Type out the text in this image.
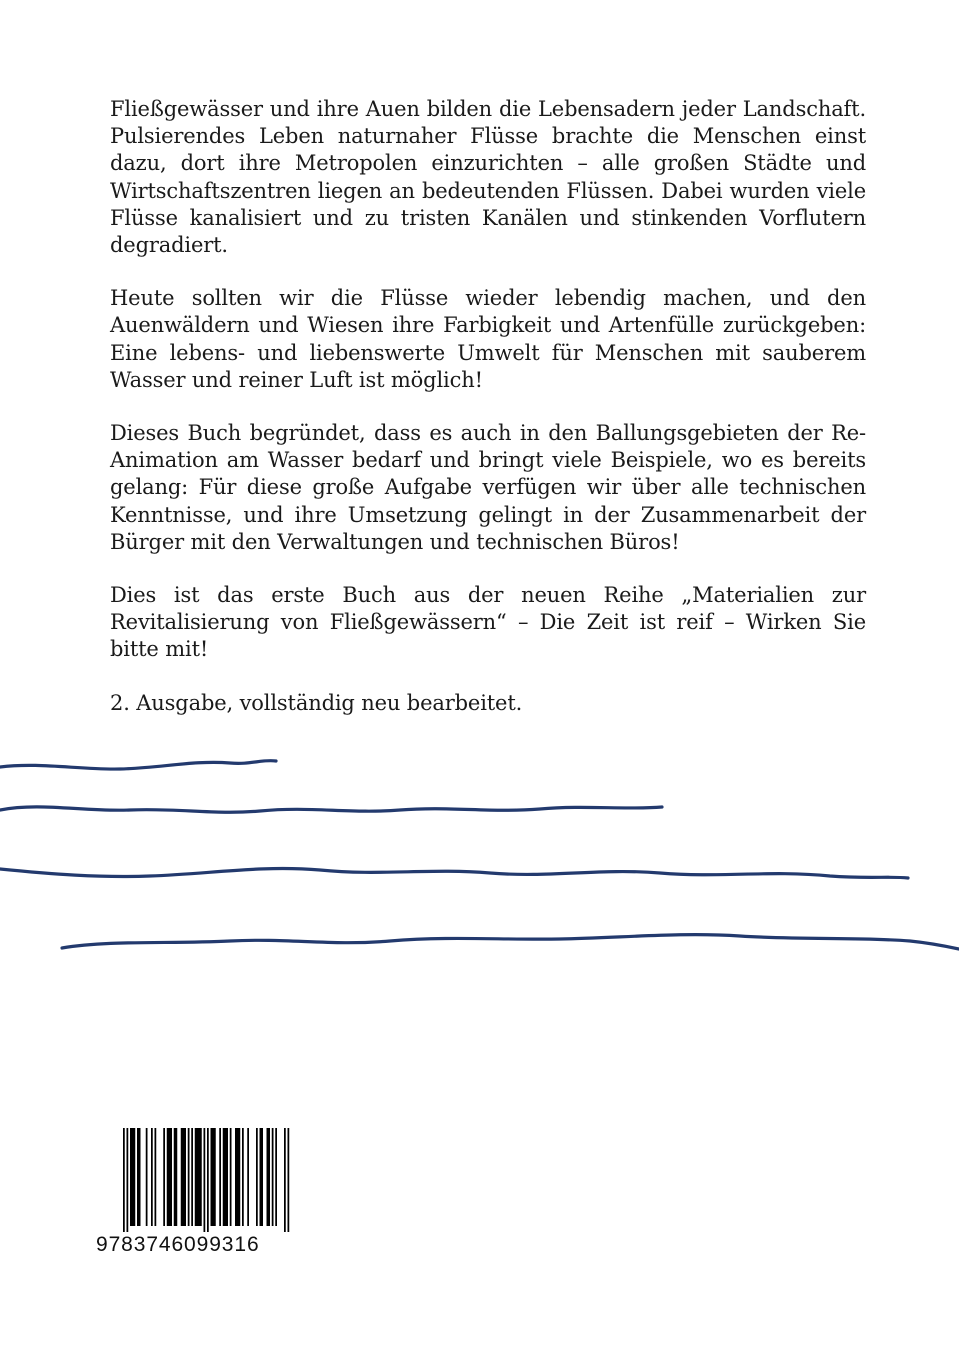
Fließgewässer und ihre Auen bilden die Lebensadern jeder Landschaft. Pulsierendes Leben naturnaher Flüsse brachte die Menschen einst dazu, dort ihre Metropolen einzurichten – alle großen Städte und Wirtschaftszentren liegen an bedeutenden Flüssen. Dabei wurden viele Flüsse kanalisiert und zu tristen Kanälen und stinkenden Vorflutern degradiert.

Heute sollten wir die Flüsse wieder lebendig machen, und den Auenwäldern und Wiesen ihre Farbigkeit und Artenfülle zurückgeben: Eine lebens- und liebenswerte Umwelt für Menschen mit sauberem Wasser und reiner Luft ist möglich!

Dieses Buch begründet, dass es auch in den Ballungsgebieten der Re-Animation am Wasser bedarf und bringt viele Beispiele, wo es bereits gelang: Für diese große Aufgabe verfügen wir über alle technischen Kenntnisse, und ihre Umsetzung gelingt in der Zusammenarbeit der Bürger mit den Verwaltungen und technischen Büros!

Dies ist das erste Buch aus der neuen Reihe „Materialien zur Revitalisierung von Fließgewässern“ – Die Zeit ist reif – Wirken Sie bitte mit!

2. Ausgabe, vollständig neu bearbeitet.

9783746099316
